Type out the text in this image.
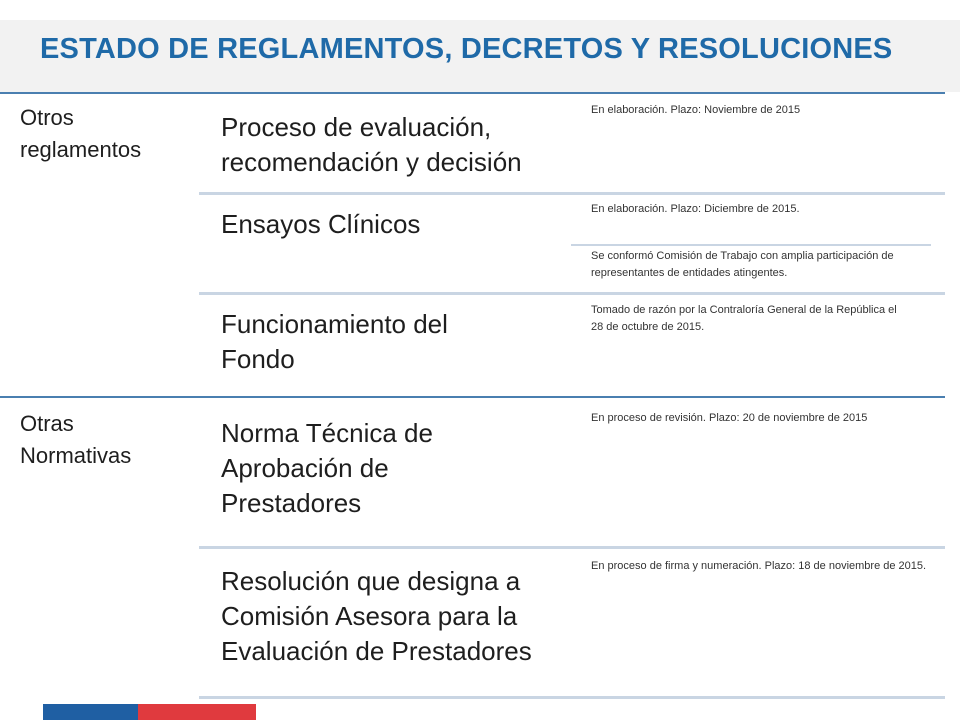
ESTADO DE REGLAMENTOS, DECRETOS Y RESOLUCIONES
Otros
reglamentos
Proceso de evaluación, recomendación y decisión
En elaboración. Plazo: Noviembre de 2015
Ensayos Clínicos	En elaboración. Plazo: Diciembre de 2015.
Se conformó Comisión de Trabajo con amplia participación de representantes de entidades atingentes.
Funcionamiento del Fondo
Tomado de razón por la Contraloría General de la República el 28 de octubre de 2015.
Otras
Normativas
Norma Técnica de Aprobación de Prestadores
En proceso de revisión. Plazo: 20 de noviembre de 2015
Resolución que designa a Comisión Asesora para la Evaluación de Prestadores
En proceso de firma y numeración. Plazo: 18 de noviembre de 2015.
